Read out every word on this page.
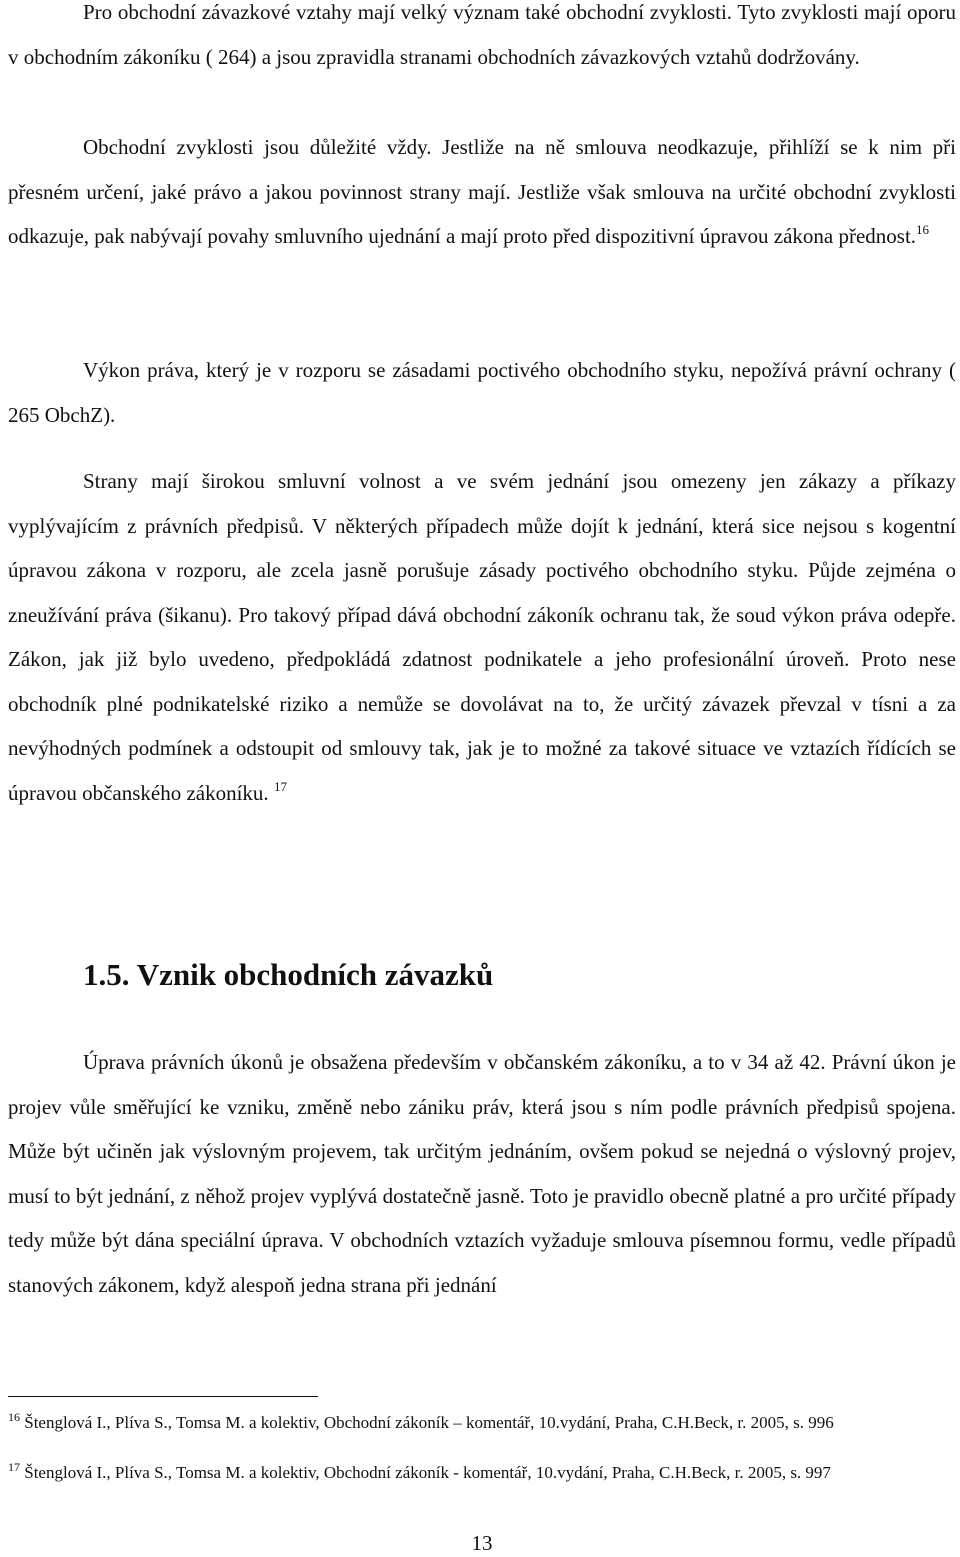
Pro obchodní závazkové vztahy mají velký význam také obchodní zvyklosti. Tyto zvyklosti mají oporu v obchodním zákoníku ( 264) a jsou zpravidla stranami obchodních závazkových vztahů dodržovány.

Obchodní zvyklosti jsou důležité vždy. Jestliže na ně smlouva neodkazuje, přihlíží se k nim při přesném určení, jaké právo a jakou povinnost strany mají. Jestliže však smlouva na určité obchodní zvyklosti odkazuje, pak nabývají povahy smluvního ujednání a mají proto před dispozitivní úpravou zákona přednost.$^{16}$

Výkon práva, který je v rozporu se zásadami poctivého obchodního styku, nepožívá právní ochrany ( 265 ObchZ).

Strany mají širokou smluvní volnost a ve svém jednání jsou omezeny jen zákazy a příkazy vyplývajícím z právních předpisů. V některých případech může dojít k jednání, která sice nejsou s kogentní úpravou zákona v rozporu, ale zcela jasně porušuje zásady poctivého obchodního styku. Půjde zejména o zneužívání práva (šikanu). Pro takový případ dává obchodní zákoník ochranu tak, že soud výkon práva odepře. Zákon, jak již bylo uvedeno, předpokládá zdatnost podnikatele a jeho profesionální úroveň. Proto nese obchodník plné podnikatelské riziko a nemůže se dovolávat na to, že určitý závazek převzal v tísni a za nevýhodných podmínek a odstoupit od smlouvy tak, jak je to možné za takové situace ve vztazích řídících se úpravou občanského zákoníku. $^{17}$

1.5. Vznik obchodních závazků

Úprava právních úkonů je obsažena především v občanském zákoníku, a to v 34 až 42. Právní úkon je projev vůle směřující ke vzniku, změně nebo zániku práv, která jsou s ním podle právních předpisů spojena. Může být učiněn jak výslovným projevem, tak určitým jednáním, ovšem pokud se nejedná o výslovný projev, musí to být jednání, z něhož projev vyplývá dostatečně jasně. Toto je pravidlo obecně platné a pro určité případy tedy může být dána speciální úprava. V obchodních vztazích vyžaduje smlouva písemnou formu, vedle případů stanových zákonem, když alespoň jedna strana při jednání

$^{16}$ Štenglová I., Plíva S., Tomsa M. a kolektiv, Obchodní zákoník – komentář, 10.vydání, Praha, C.H.Beck, r. 2005, s. 996
$^{17}$ Štenglová I., Plíva S., Tomsa M. a kolektiv, Obchodní zákoník - komentář, 10.vydání, Praha, C.H.Beck, r. 2005, s. 997
13
